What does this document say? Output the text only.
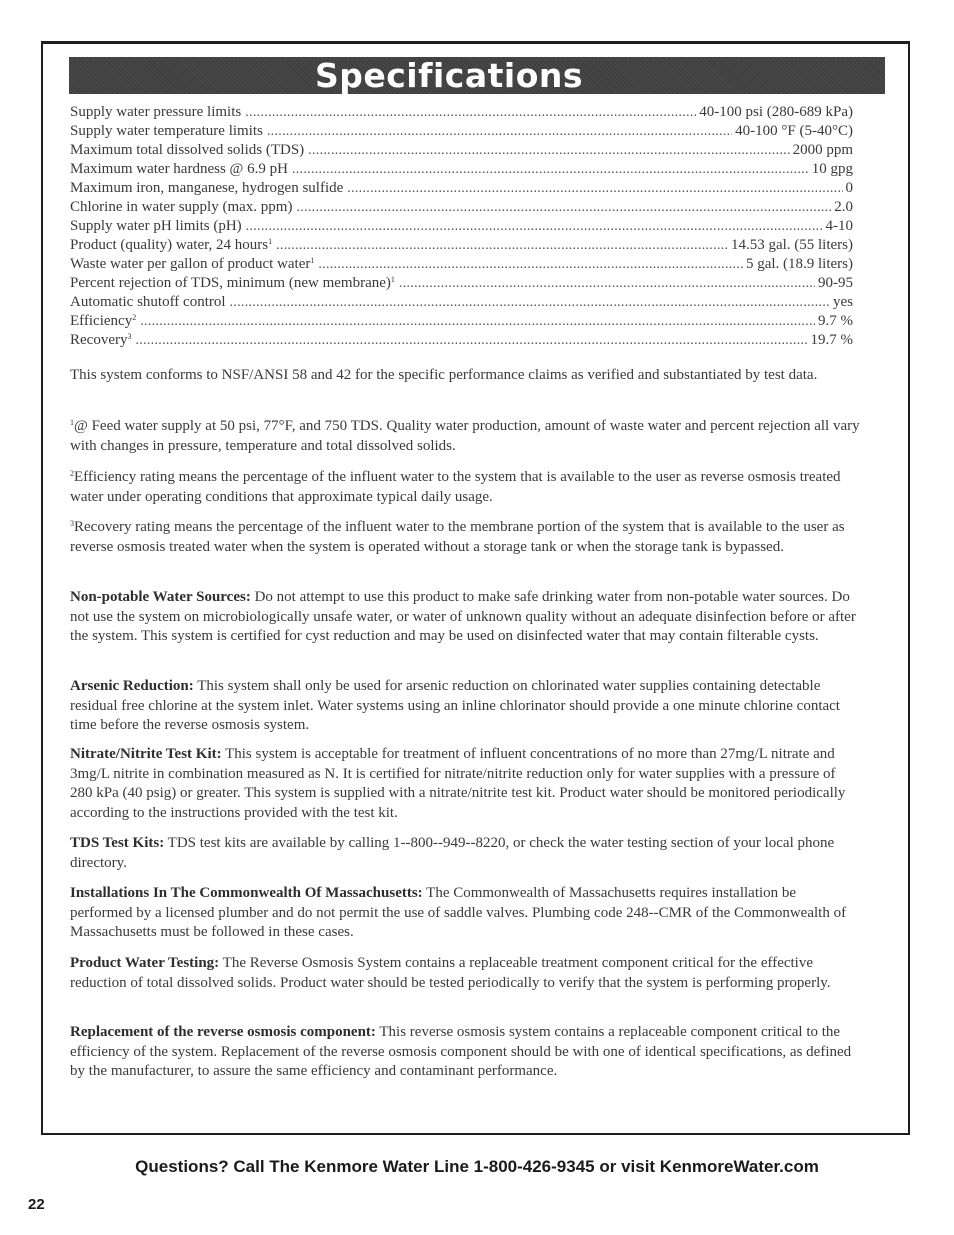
Specifications
Supply water pressure limits . . .	40-100 psi (280-689 kPa)
Supply water temperature limits . . .	40-100 °F (5-40°C)
Maximum total dissolved solids (TDS) . . .	2000 ppm
Maximum water hardness @ 6.9 pH . . .	10 gpg
Maximum iron, manganese, hydrogen sulfide . . .	0
Chlorine in water supply (max. ppm) . . .	2.0
Supply water pH limits (pH) . . .	4-10
Product (quality) water, 24 hours$^1$ . . .	14.53 gal. (55 liters)
Waste water per gallon of product water$^1$ . . .	5 gal. (18.9 liters)
Percent rejection of TDS, minimum (new membrane)$^1$ . . .	90-95
Automatic shutoff control . . .	yes
Efficiency$^2$ . . .	9.7 %
Recovery$^3$ . . .	19.7 %
This system conforms to NSF/ANSI 58 and 42 for the specific performance claims as verified and substantiated by test data.
$^1$@ Feed water supply at 50 psi, 77°F, and 750 TDS. Quality water production, amount of waste water and percent rejection all vary with changes in pressure, temperature and total dissolved solids.
$^2$Efficiency rating means the percentage of the influent water to the system that is available to the user as reverse osmosis treated water under operating conditions that approximate typical daily usage.
$^3$Recovery rating means the percentage of the influent water to the membrane portion of the system that is available to the user as reverse osmosis treated water when the system is operated without a storage tank or when the storage tank is bypassed.
Non-potable Water Sources: Do not attempt to use this product to make safe drinking water from non-potable water sources. Do not use the system on microbiologically unsafe water, or water of unknown quality without an adequate disinfection before or after the system. This system is certified for cyst reduction and may be used on disinfected water that may contain filterable cysts.
Arsenic Reduction: This system shall only be used for arsenic reduction on chlorinated water supplies containing detectable residual free chlorine at the system inlet. Water systems using an inline chlorinator should provide a one minute chlorine contact time before the reverse osmosis system.
Nitrate/Nitrite Test Kit: This system is acceptable for treatment of influent concentrations of no more than 27mg/L nitrate and 3mg/L nitrite in combination measured as N. It is certified for nitrate/nitrite reduction only for water supplies with a pressure of 280 kPa (40 psig) or greater. This system is supplied with a nitrate/nitrite test kit. Product water should be monitored periodically according to the instructions provided with the test kit.
TDS Test Kits: TDS test kits are available by calling 1--800--949--8220, or check the water testing section of your local phone directory.
Installations In The Commonwealth Of Massachusetts: The Commonwealth of Massachusetts requires installation be performed by a licensed plumber and do not permit the use of saddle valves. Plumbing code 248--CMR of the Commonwealth of Massachusetts must be followed in these cases.
Product Water Testing: The Reverse Osmosis System contains a replaceable treatment component critical for the effective reduction of total dissolved solids. Product water should be tested periodically to verify that the system is performing properly.
Replacement of the reverse osmosis component: This reverse osmosis system contains a replaceable component critical to the efficiency of the system. Replacement of the reverse osmosis component should be with one of identical specifications, as defined by the manufacturer, to assure the same efficiency and contaminant performance.
Questions? Call The Kenmore Water Line 1-800-426-9345 or visit KenmoreWater.com
22
